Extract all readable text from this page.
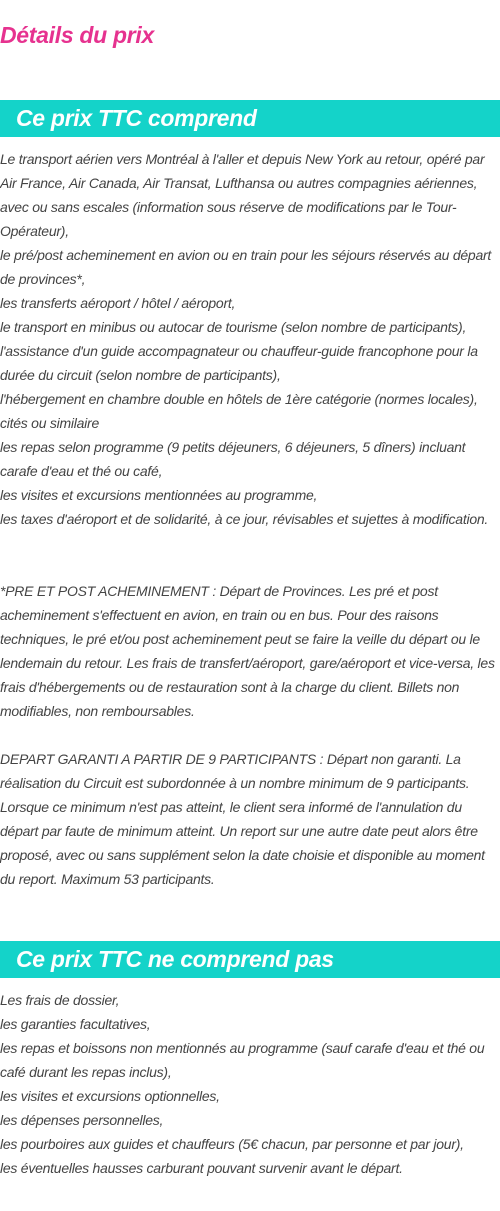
Détails du prix
Ce prix TTC comprend

Le transport aérien vers Montréal à l'aller et depuis New York au retour, opéré par Air France, Air Canada, Air Transat, Lufthansa ou autres compagnies aériennes, avec ou sans escales (information sous réserve de modifications par le Tour-Opérateur),

le pré/post acheminement en avion ou en train pour les séjours réservés au départ de provinces*,

les transferts aéroport / hôtel / aéroport,

le transport en minibus ou autocar de tourisme (selon nombre de participants),

l'assistance d'un guide accompagnateur ou chauffeur-guide francophone pour la durée du circuit (selon nombre de participants),

l'hébergement en chambre double en hôtels de 1ère catégorie (normes locales), cités ou similaire

les repas selon programme (9 petits déjeuners, 6 déjeuners, 5 dîners) incluant carafe d'eau et thé ou café,

les visites et excursions mentionnées au programme,

les taxes d'aéroport et de solidarité, à ce jour, révisables et sujettes à modification.

*PRE ET POST ACHEMINEMENT : Départ de Provinces. Les pré et post acheminement s'effectuent en avion, en train ou en bus. Pour des raisons techniques, le pré et/ou post acheminement peut se faire la veille du départ ou le lendemain du retour. Les frais de transfert/aéroport, gare/aéroport et vice-versa, les frais d'hébergements ou de restauration sont à la charge du client. Billets non modifiables, non remboursables.

DEPART GARANTI A PARTIR DE 9 PARTICIPANTS : Départ non garanti. La réalisation du Circuit est subordonnée à un nombre minimum de 9 participants. Lorsque ce minimum n'est pas atteint, le client sera informé de l'annulation du départ par faute de minimum atteint. Un report sur une autre date peut alors être proposé, avec ou sans supplément selon la date choisie et disponible au moment du report. Maximum 53 participants.

Ce prix TTC ne comprend pas

Les frais de dossier,

les garanties facultatives,

les repas et boissons non mentionnés au programme (sauf carafe d'eau et thé ou café durant les repas inclus),

les visites et excursions optionnelles,

les dépenses personnelles,

les pourboires aux guides et chauffeurs (5€ chacun, par personne et par jour),

les éventuelles hausses carburant pouvant survenir avant le départ.
